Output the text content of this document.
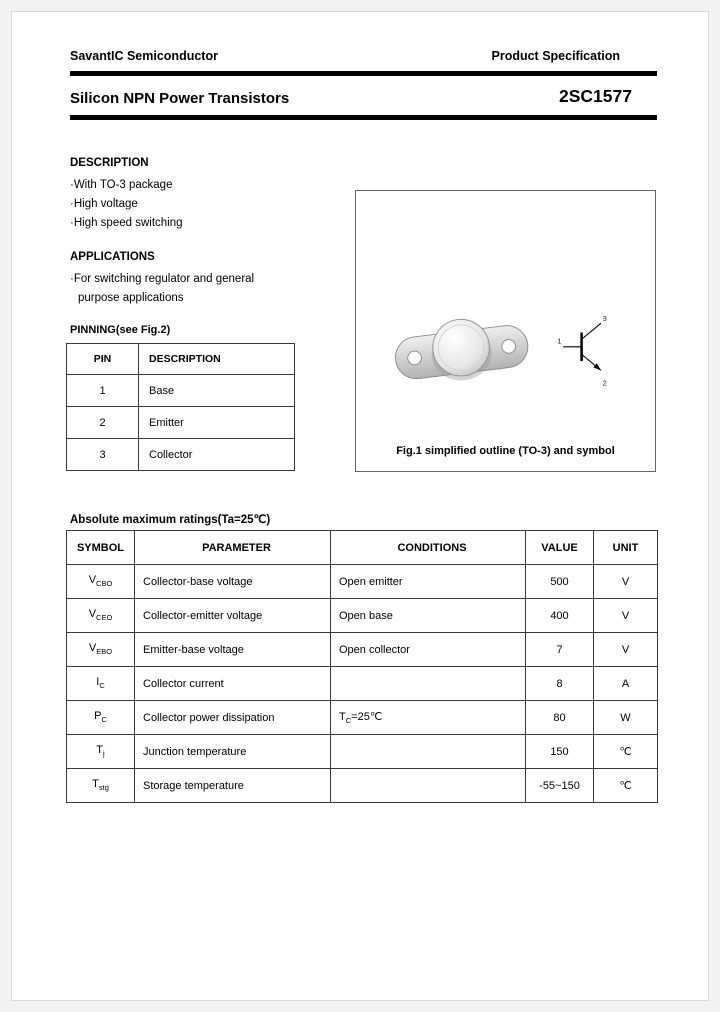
SavantIC Semiconductor	Product Specification
Silicon NPN Power Transistors	2SC1577
DESCRIPTION
·With TO-3 package
·High voltage
·High speed switching
APPLICATIONS
·For switching regulator and general
purpose applications
PINNING(see Fig.2)
PIN	DESCRIPTION
1	Base
2	Emitter
3	Collector
3
1
2
Fig.1 simplified outline (TO-3) and symbol
Absolute maximum ratings(Ta=25℃)
SYMBOL	PARAMETER	CONDITIONS	VALUE	UNIT
$V_{CBO}$	Collector-base voltage	Open emitter	500	V
$V_{CEO}$	Collector-emitter voltage	Open base	400	V
$V_{EBO}$	Emitter-base voltage	Open collector	7	V
$I_C$	Collector current		8	A
$P_C$	Collector power dissipation	$T_C=25℃$	80	W
$T_j$	Junction temperature		150	℃
$T_{stg}$	Storage temperature		-55~150	℃
